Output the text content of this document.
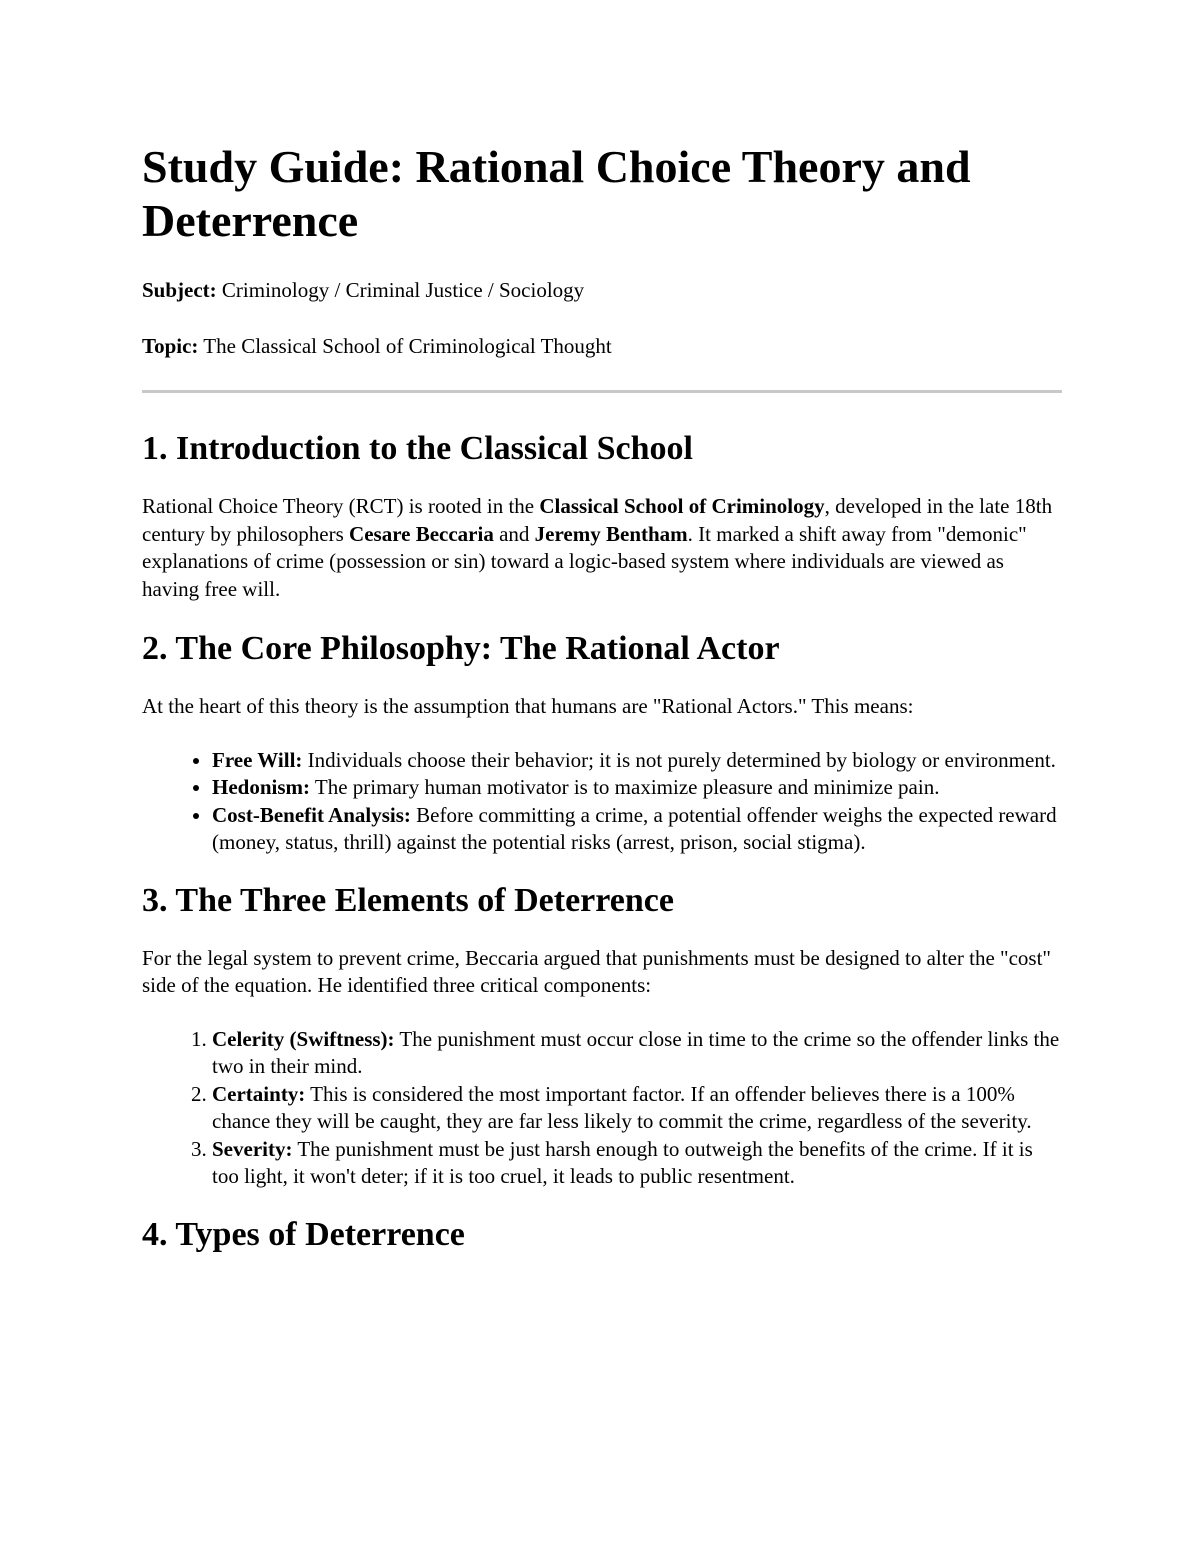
Study Guide: Rational Choice Theory and Deterrence
Subject: Criminology / Criminal Justice / Sociology
Topic: The Classical School of Criminological Thought
1. Introduction to the Classical School

Rational Choice Theory (RCT) is rooted in the Classical School of Criminology, developed in the late 18th century by philosophers Cesare Beccaria and Jeremy Bentham. It marked a shift away from "demonic" explanations of crime (possession or sin) toward a logic-based system where individuals are viewed as having free will.

2. The Core Philosophy: The Rational Actor

At the heart of this theory is the assumption that humans are "Rational Actors." This means:

• Free Will: Individuals choose their behavior; it is not purely determined by biology or environment.
• Hedonism: The primary human motivator is to maximize pleasure and minimize pain.
• Cost-Benefit Analysis: Before committing a crime, a potential offender weighs the expected reward (money, status, thrill) against the potential risks (arrest, prison, social stigma).
3. The Three Elements of Deterrence

For the legal system to prevent crime, Beccaria argued that punishments must be designed to alter the "cost" side of the equation. He identified three critical components:

1. Celerity (Swiftness): The punishment must occur close in time to the crime so the offender links the two in their mind.
2. Certainty: This is considered the most important factor. If an offender believes there is a 100% chance they will be caught, they are far less likely to commit the crime, regardless of the severity.
3. Severity: The punishment must be just harsh enough to outweigh the benefits of the crime. If it is too light, it won't deter; if it is too cruel, it leads to public resentment.
4. Types of Deterrence
